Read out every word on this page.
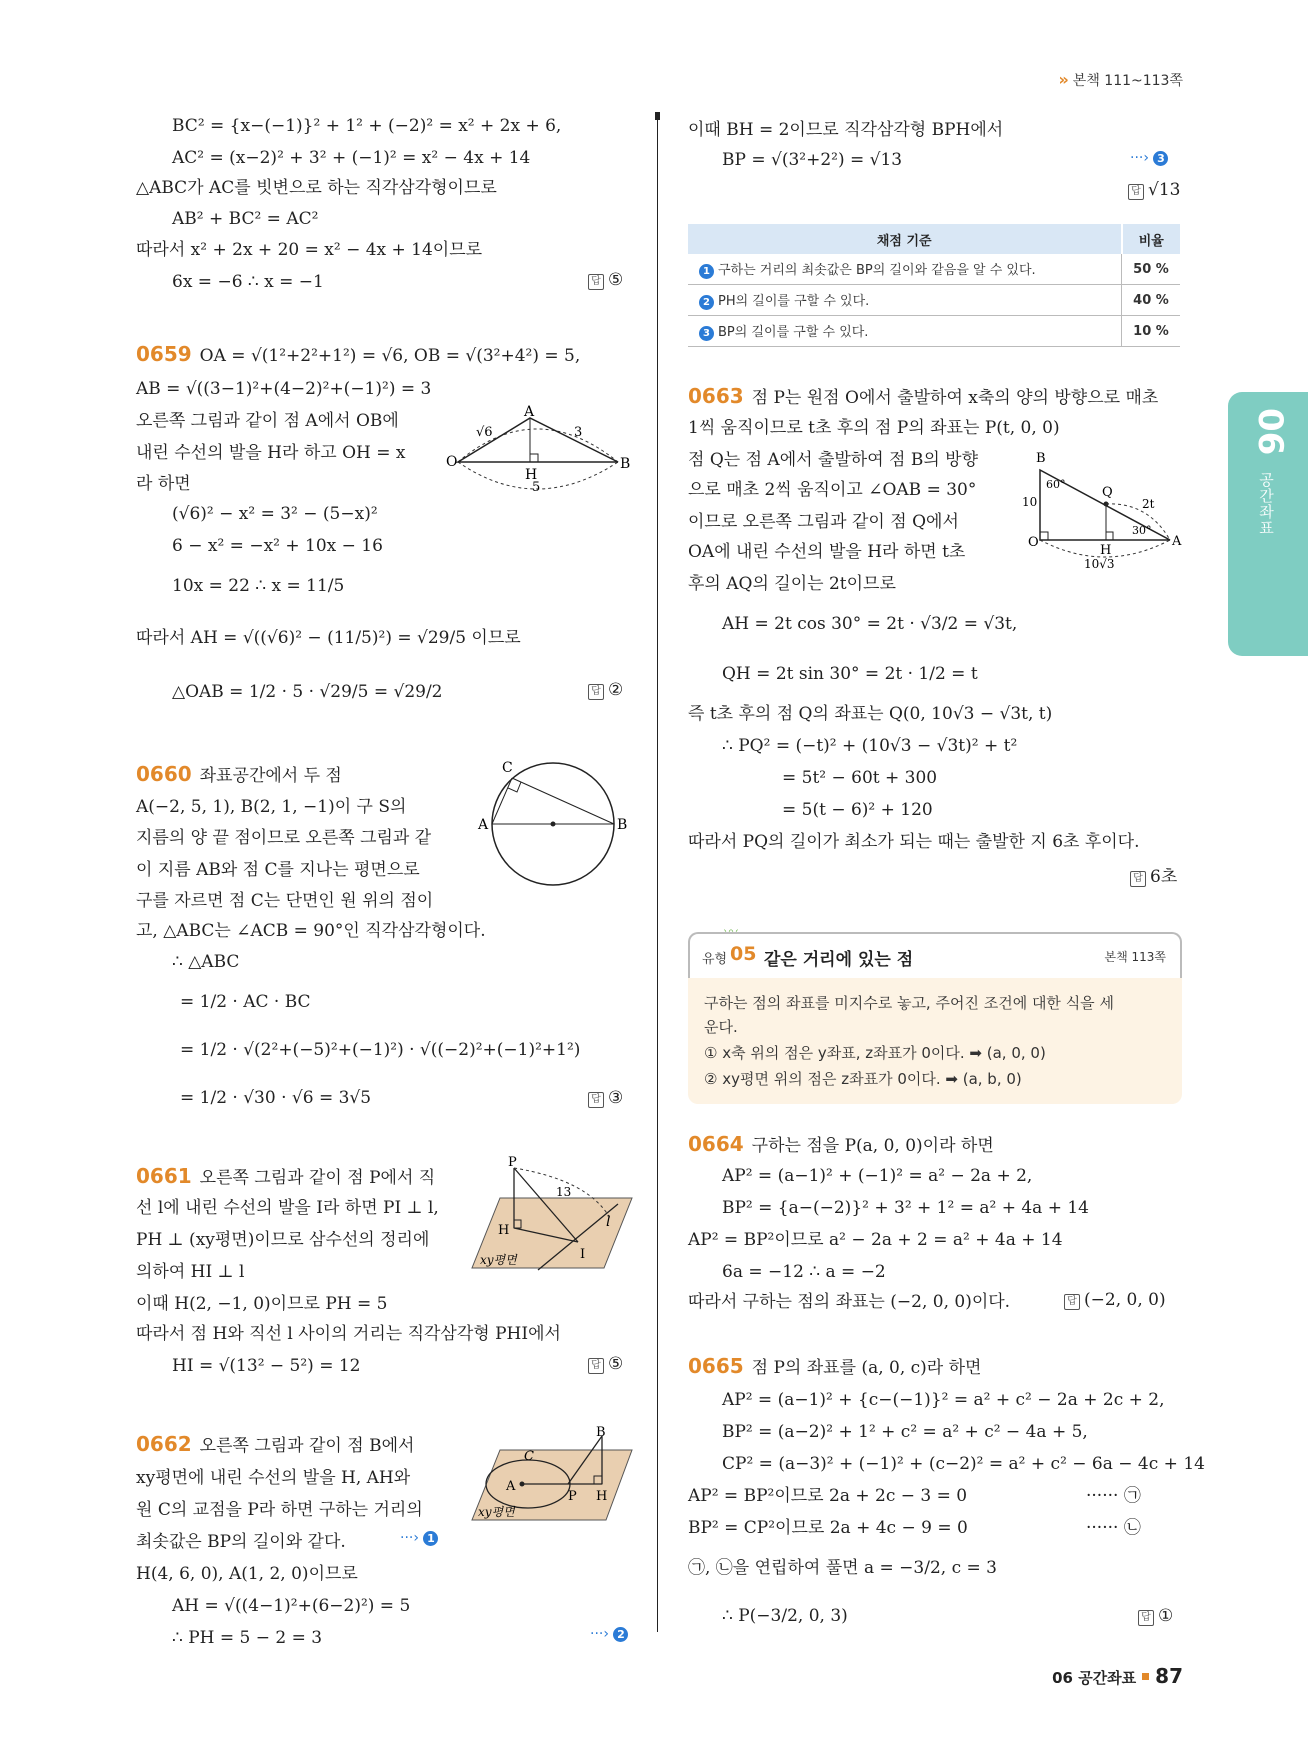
» 본책 111~113쪽
공간좌표
06
BC² = {x−(−1)}² + 1² + (−2)² = x² + 2x + 6,
AC² = (x−2)² + 3² + (−1)² = x² − 4x + 14
△ABC가 AC를 빗변으로 하는 직각삼각형이므로
AB² + BC² = AC²
따라서 x² + 2x + 20 = x² − 4x + 14이므로
6x = −6 ∴ x = −1	답 ⑤
0659 OA = √(1²+2²+1²) = √6, OB = √(3²+4²) = 5,
AB = √((3−1)²+(4−2)²+(−1)²) = 3
오른쪽 그림과 같이 점 A에서 OB에
내린 수선의 발을 H라 하고 OH = x
라 하면
(√6)² − x² = 3² − (5−x)²
6 − x² = −x² + 10x − 16
10x = 22 ∴ x = 11/5
따라서 AH = √((√6)² − (11/5)²) = √29/5 이므로
△OAB = 1/2 · 5 · √29/5 = √29/2	답 ②
O
A
B
H
√6	3
5
0660 좌표공간에서 두 점
A(−2, 5, 1), B(2, 1, −1)이 구 S의
지름의 양 끝 점이므로 오른쪽 그림과 같
이 지름 AB와 점 C를 지나는 평면으로
구를 자르면 점 C는 단면인 원 위의 점이
고, △ABC는 ∠ACB = 90°인 직각삼각형이다.
∴ △ABC
= 1/2 · AC · BC
= 1/2 · √(2²+(−5)²+(−1)²) · √((−2)²+(−1)²+1²)
= 1/2 · √30 · √6 = 3√5	답 ③
C
A	B
0661 오른쪽 그림과 같이 점 P에서 직
선 l에 내린 수선의 발을 I라 하면 PI ⊥ l,
PH ⊥ (xy평면)이므로 삼수선의 정리에
의하여 HI ⊥ l
이때 H(2, −1, 0)이므로 PH = 5
따라서 점 H와 직선 l 사이의 거리는 직각삼각형 PHI에서
HI = √(13² − 5²) = 12	답 ⑤
P
H
I
13
l
xy평면
0662 오른쪽 그림과 같이 점 B에서
xy평면에 내린 수선의 발을 H, AH와
원 C의 교점을 P라 하면 구하는 거리의
최솟값은 BP의 길이와 같다.	···› 1
H(4, 6, 0), A(1, 2, 0)이므로
AH = √((4−1)²+(6−2)²) = 5
∴ PH = 5 − 2 = 3	···› 2
B
C
A
P H
xy평면
이때 BH = 2이므로 직각삼각형 BPH에서
BP = √(3²+2²) = √13	···› 3
답 √13
채점 기준	비율
1 구하는 거리의 최솟값은 BP의 길이와 같음을 알 수 있다.	50 %
2 PH의 길이를 구할 수 있다.	40 %
3 BP의 길이를 구할 수 있다.	10 %
0663 점 P는 원점 O에서 출발하여 x축의 양의 방향으로 매초
1씩 움직이므로 t초 후의 점 P의 좌표는 P(t, 0, 0)
점 Q는 점 A에서 출발하여 점 B의 방향
으로 매초 2씩 움직이고 ∠OAB = 30°
이므로 오른쪽 그림과 같이 점 Q에서
OA에 내린 수선의 발을 H라 하면 t초
후의 AQ의 길이는 2t이므로
AH = 2t cos 30° = 2t · √3/2 = √3t,
QH = 2t sin 30° = 2t · 1/2 = t
즉 t초 후의 점 Q의 좌표는 Q(0, 10√3 − √3t, t)
∴ PQ² = (−t)² + (10√3 − √3t)² + t²
= 5t² − 60t + 300
= 5(t − 6)² + 120
따라서 PQ의 길이가 최소가 되는 때는 출발한 지 6초 후이다.
답 6초
B
O	A
Q
H
10
60°
30°
2t
10√3
유형 05 같은 거리에 있는 점	본책 113쪽
구하는 점의 좌표를 미지수로 놓고, 주어진 조건에 대한 식을 세
운다.
① x축 위의 점은 y좌표, z좌표가 0이다. ➡ (a, 0, 0)
② xy평면 위의 점은 z좌표가 0이다. ➡ (a, b, 0)
0664 구하는 점을 P(a, 0, 0)이라 하면
AP² = (a−1)² + (−1)² = a² − 2a + 2,
BP² = {a−(−2)}² + 3² + 1² = a² + 4a + 14
AP² = BP²이므로 a² − 2a + 2 = a² + 4a + 14
6a = −12 ∴ a = −2
따라서 구하는 점의 좌표는 (−2, 0, 0)이다.	답 (−2, 0, 0)
0665 점 P의 좌표를 (a, 0, c)라 하면
AP² = (a−1)² + {c−(−1)}² = a² + c² − 2a + 2c + 2,
BP² = (a−2)² + 1² + c² = a² + c² − 4a + 5,
CP² = (a−3)² + (−1)² + (c−2)² = a² + c² − 6a − 4c + 14
AP² = BP²이므로 2a + 2c − 3 = 0	······ ㉠
BP² = CP²이므로 2a + 4c − 9 = 0	······ ㉡
㉠, ㉡을 연립하여 풀면 a = −3/2, c = 3
∴ P(−3/2, 0, 3)	답 ①
06 공간좌표 87
